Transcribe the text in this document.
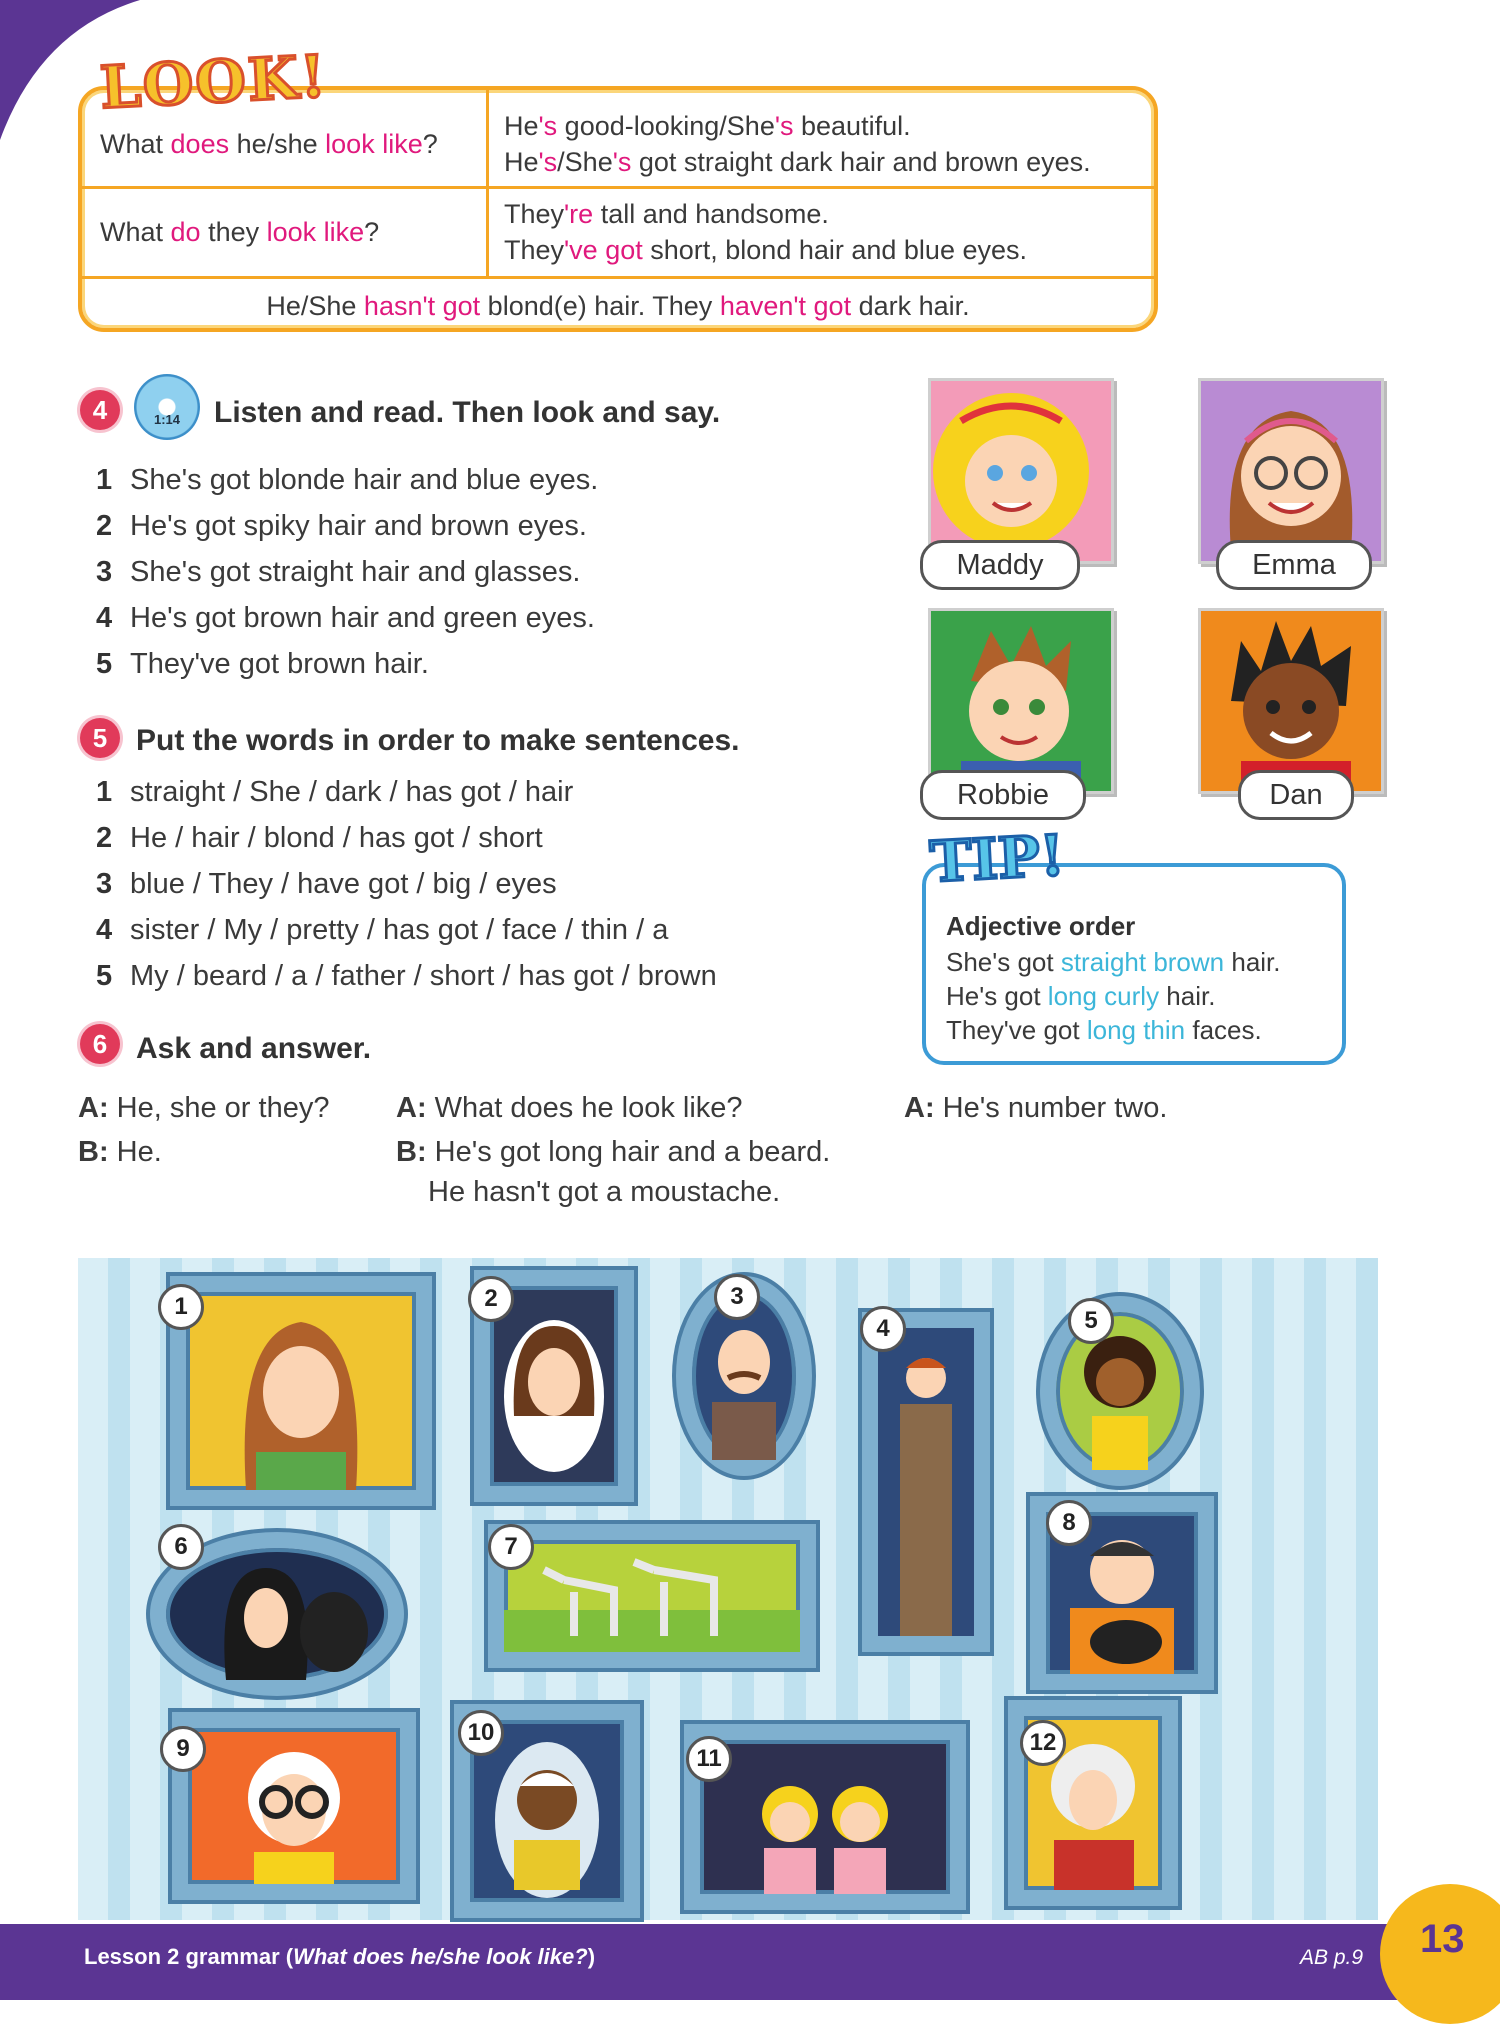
What does he/she look like?
He's good-looking/She's beautiful.
He's/She's got straight dark hair and brown eyes.
What do they look like?
They're tall and handsome.
They've got short, blond hair and blue eyes.
He/She hasn't got blond(e) hair. They haven't got dark hair.
LOOK!
4	1:14	Listen and read. Then look and say.
1 She's got blonde hair and blue eyes.
2 He's got spiky hair and brown eyes.
3 She's got straight hair and glasses.
4 He's got brown hair and green eyes.
5 They've got brown hair.
5 Put the words in order to make sentences.
1 straight / She / dark / has got / hair
2 He / hair / blond / has got / short
3 blue / They / have got / big / eyes
4 sister / My / pretty / has got / face / thin / a
5 My / beard / a / father / short / has got / brown
6 Ask and answer.
A: He, she or they?
B: He.
A: What does he look like?
B: He's got long hair and a beard.
He hasn't got a moustache.
A: He's number two.
Maddy	Emma
Robbie	Dan
Adjective order
She's got straight brown hair.
He's got long curly hair.
They've got long thin faces.
TIP!
1	2	3
4	5
6	7
8
9
10
11
12
Lesson 2 grammar (What does he/she look like?)	AB p.9	13
